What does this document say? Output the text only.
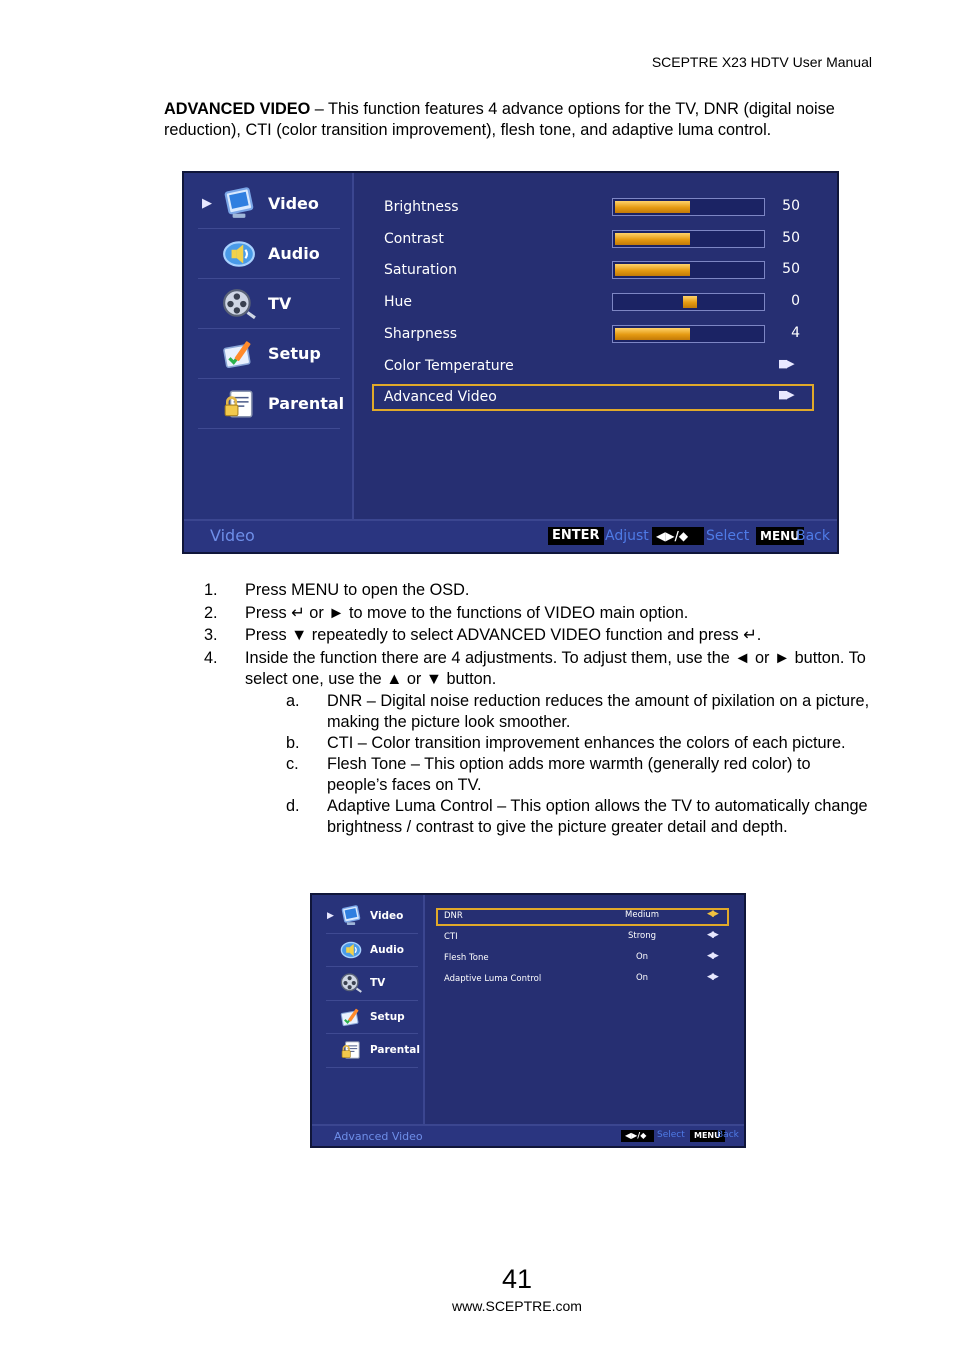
SCEPTRE X23 HDTV User Manual
ADVANCED VIDEO – This function features 4 advance options for the TV, DNR (digital noise reduction), CTI (color transition improvement), flesh tone, and adaptive luma control.
Video	ENTER Adjust ◀▶/◆	Select MENU
Back
▶	Video
Audio
TV
Setup
Parental
Brightness	50
Contrast	50
Saturation	50
Hue	0
Sharpness	4
Color Temperature	▮▮▶
Advanced Video	▮▮▶
1. Press MENU to open the OSD.
2. Press ↵ or ► to move to the functions of VIDEO main option.
3. Press ▼ repeatedly to select ADVANCED VIDEO function and press ↵.
4. Inside the function there are 4 adjustments. To adjust them, use the ◄ or ► button. To select one, use the ▲ or ▼ button.
a. DNR – Digital noise reduction reduces the amount of pixilation on a picture, making the picture look smoother.
b. CTI – Color transition improvement enhances the colors of each picture.
c. Flesh Tone – This option adds more warmth (generally red color) to people’s faces on TV.
d. Adaptive Luma Control – This option allows the TV to automatically change brightness / contrast to give the picture greater detail and depth.
Advanced Video	◀▶/◆	Select	MENU
Back
▶	Video
Audio
TV
Setup
Parental
DNR	Medium	◀▶
CTI	Strong	◀▶
Flesh Tone	On	◀▶
Adaptive Luma Control	On	◀▶
41
www.SCEPTRE.com
